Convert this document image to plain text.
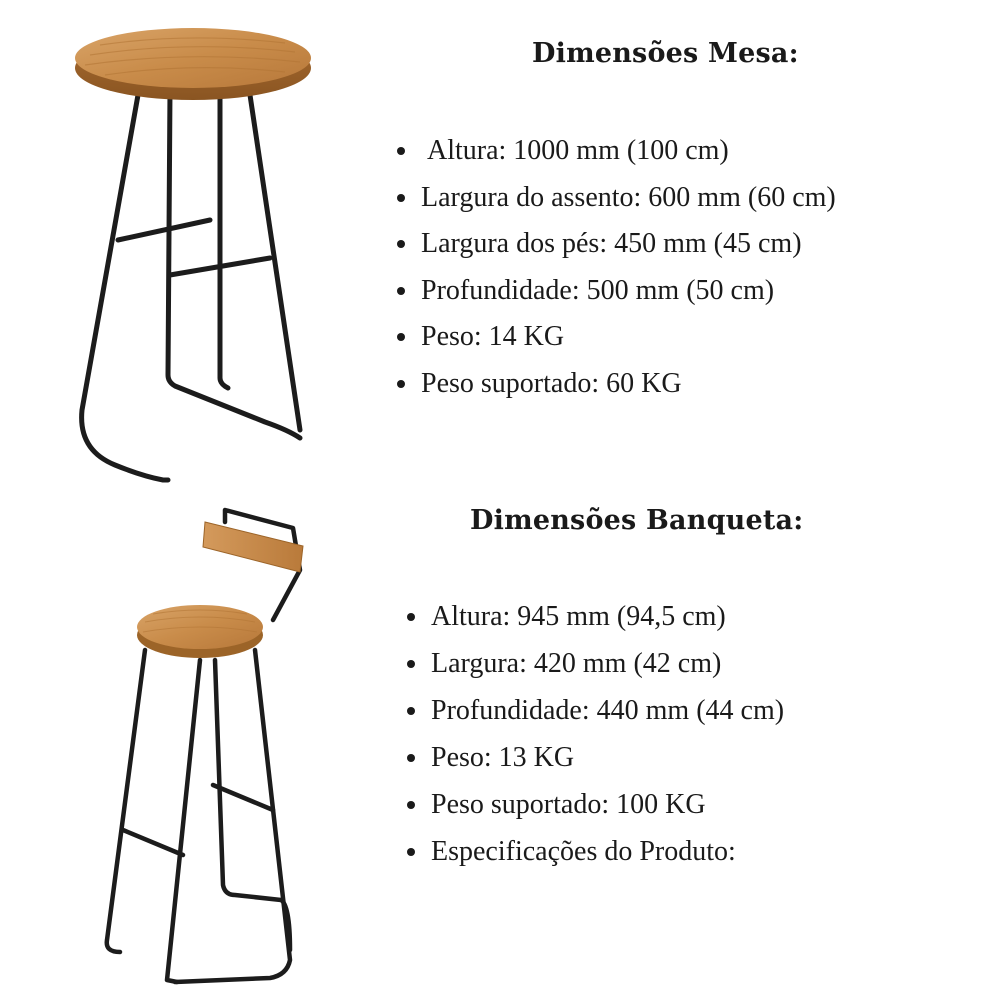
Dimensões Mesa:
Altura: 1000 mm (100 cm)
Largura do assento: 600 mm (60 cm)
Largura dos pés: 450 mm (45 cm)
Profundidade: 500 mm (50 cm)
Peso: 14 KG
Peso suportado: 60 KG
Dimensões Banqueta:
Altura: 945 mm (94,5 cm)
Largura: 420 mm (42 cm)
Profundidade: 440 mm (44 cm)
Peso: 13 KG
Peso suportado: 100 KG
Especificações do Produto:
